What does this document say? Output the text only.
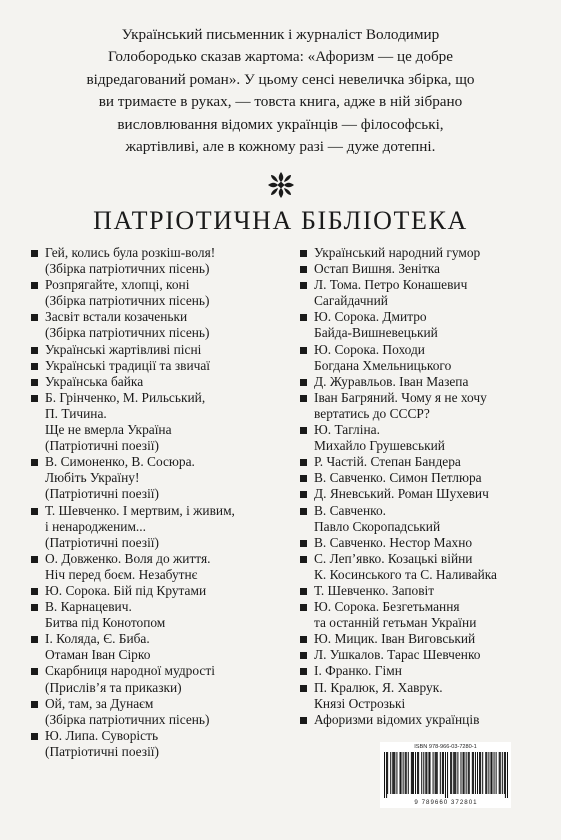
Український письменник і журналіст Володимир
Голобородько сказав жартома: «Афоризм — це добре
відредагований роман». У цьому сенсі невеличка збірка, що
ви тримаєте в руках, — товста книга, адже в ній зібрано
висловлювання відомих українців — філософські,
жартівливі, але в кожному разі — дуже дотепні.
ПАТРІОТИЧНА БІБЛІОТЕКА
Гей, колись була розкіш-воля!
(Збірка патріотичних пісень)
Розпрягайте, хлопці, коні
(Збірка патріотичних пісень)
Засвіт встали козаченьки
(Збірка патріотичних пісень)
Українські жартівливі пісні
Українські традиції та звичаї
Українська байка
Б. Грінченко, М. Рильський,
П. Тичина.
Ще не вмерла Україна
(Патріотичні поезії)
В. Симоненко, В. Сосюра.
Любіть Україну!
(Патріотичні поезії)
Т. Шевченко. І мертвим, і живим,
і ненародженим...
(Патріотичні поезії)
О. Довженко. Воля до життя.
Ніч перед боєм. Незабутнє
Ю. Сорока. Бій під Крутами
В. Карнацевич.
Битва під Конотопом
І. Коляда, Є. Биба.
Отаман Іван Сірко
Скарбниця народної мудрості
(Прислів’я та приказки)
Ой, там, за Дунаєм
(Збірка патріотичних пісень)
Ю. Липа. Суворість
(Патріотичні поезії)
Український народний гумор
Остап Вишня. Зенітка
Л. Тома. Петро Конашевич
Сагайдачний
Ю. Сорока. Дмитро
Байда-Вишневецький
Ю. Сорока. Походи
Богдана Хмельницького
Д. Журавльов. Іван Мазепа
Іван Багряний. Чому я не хочу
вертатись до СССР?
Ю. Тагліна.
Михайло Грушевський
Р. Частій. Степан Бандера
В. Савченко. Симон Петлюра
Д. Яневський. Роман Шухевич
В. Савченко.
Павло Скоропадський
В. Савченко. Нестор Махно
С. Леп’явко. Козацькі війни
К. Косинського та С. Наливайка
Т. Шевченко. Заповіт
Ю. Сорока. Безгетьмання
та останній гетьман України
Ю. Мицик. Іван Виговський
Л. Ушкалов. Тарас Шевченко
І. Франко. Гімн
П. Кралюк, Я. Хаврук.
Князі Острозькі
Афоризми відомих українців
ISBN 978-966-03-7280-1
9 789660 372801
